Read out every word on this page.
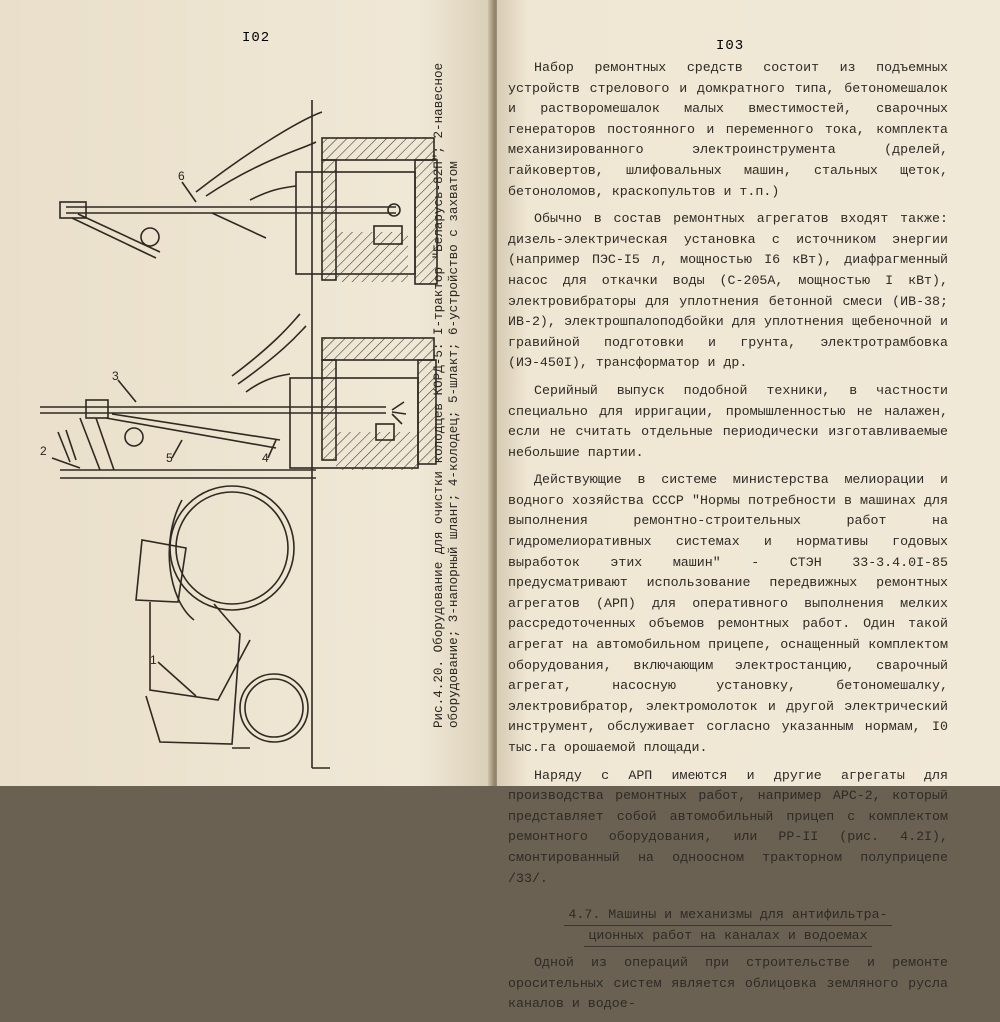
I02	I03
6
3
2	5	4
1	Рис.4.20. Оборудование для очистки колодцев КОРД-5: I-трактор "Беларусь-82П"; 2-навесное оборудование; 3-напорный шланг; 4-колодец; 5-шлакт; 6-устройство с захватом

Набор ремонтных средств состоит из подъемных устройств стрелового и домкратного типа, бетономешалок и растворомешалок малых вместимостей, сварочных генераторов постоянного и переменного тока, комплекта механизированного электроинструмента (дрелей, гайковертов, шлифовальных машин, стальных щеток, бетоноломов, краскопультов и т.п.)

Обычно в состав ремонтных агрегатов входят также: дизель-электрическая установка с источником энергии (например ПЭС-I5 л, мощностью I6 кВт), диафрагменный насос для откачки воды (С-205А, мощностью I кВт), электровибраторы для уплотнения бетонной смеси (ИВ-38; ИВ-2), электрошпалоподбойки для уплотнения щебеночной и гравийной подготовки и грунта, электротрамбовка (ИЭ-450I), трансформатор и др.

Серийный выпуск подобной техники, в частности специально для ирригации, промышленностью не налажен, если не считать отдельные периодически изготавливаемые небольшие партии.

Действующие в системе министерства мелиорации и водного хозяйства СССР "Нормы потребности в машинах для выполнения ремонтно-строительных работ на гидромелиоративных системах и нормативы годовых выработок этих машин" - СТЭН 33-3.4.0I-85 предусматривают использование передвижных ремонтных агрегатов (АРП) для оперативного выполнения мелких рассредоточенных объемов ремонтных работ. Один такой агрегат на автомобильном прицепе, оснащенный комплектом оборудования, включающим электростанцию, сварочный агрегат, насосную установку, бетономешалку, электровибратор, электромолоток и другой электрический инструмент, обслуживает согласно указанным нормам, I0 тыс.га орошаемой площади.

Наряду с АРП имеются и другие агрегаты для производства ремонтных работ, например АРС-2, который представляет собой автомобильный прицеп с комплектом ремонтного оборудования, или РР-II (рис. 4.2I), смонтированный на одноосном тракторном полуприцепе /33/.

4.7. Машины и механизмы для антифильтра-
ционных работ на каналах и водоемах

Одной из операций при строительстве и ремонте оросительных систем является облицовка земляного русла каналов и водое-
